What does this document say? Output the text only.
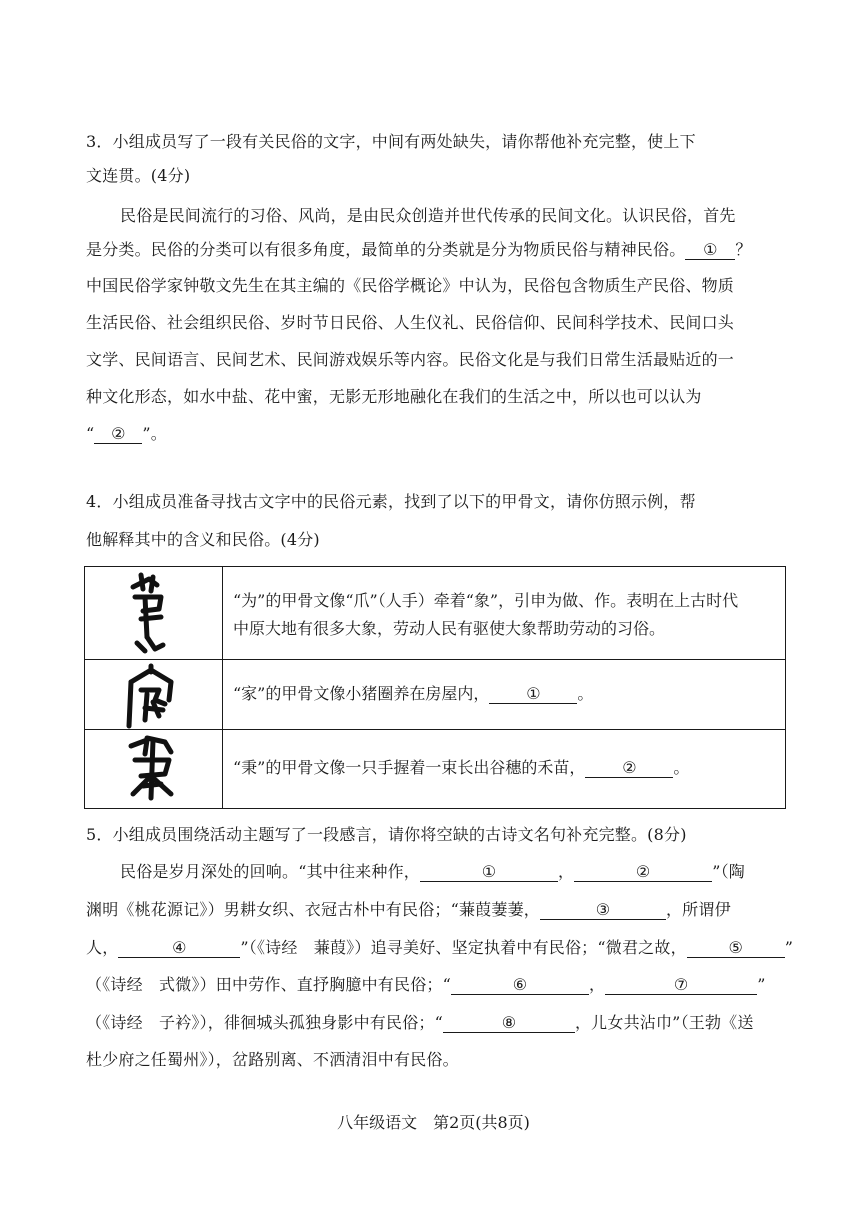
3．小组成员写了一段有关民俗的文字，中间有两处缺失，请你帮他补充完整，使上下
文连贯。(4分)
民俗是民间流行的习俗、风尚，是由民众创造并世代传承的民间文化。认识民俗，首先
是分类。民俗的分类可以有很多角度，最简单的分类就是分为物质民俗与精神民俗。 ① ？
中国民俗学家钟敬文先生在其主编的《民俗学概论》中认为，民俗包含物质生产民俗、物质
生活民俗、社会组织民俗、岁时节日民俗、人生仪礼、民俗信仰、民间科学技术、民间口头
文学、民间语言、民间艺术、民间游戏娱乐等内容。民俗文化是与我们日常生活最贴近的一
种文化形态，如水中盐、花中蜜，无影无形地融化在我们的生活之中，所以也可以认为
“ ② ”。
4．小组成员准备寻找古文字中的民俗元素，找到了以下的甲骨文，请你仿照示例，帮
他解释其中的含义和民俗。(4分)
“为”的甲骨文像“爪”（人手）牵着“象”，引申为做、作。表明在上古时代
中原大地有很多大象，劳动人民有驱使大象帮助劳动的习俗。
“家”的甲骨文像小猪圈养在房屋内， ① 。
“秉”的甲骨文像一只手握着一束长出谷穗的禾苗， ② 。
5．小组成员围绕活动主题写了一段感言，请你将空缺的古诗文名句补充完整。(8分)
民俗是岁月深处的回响。“其中往来种作，	①	，	②	”（陶
渊明《桃花源记》）男耕女织、衣冠古朴中有民俗；“蒹葭萋萋，	③	，所谓伊
人，	④	”（《诗经　蒹葭》）追寻美好、坚定执着中有民俗；“微君之故，	⑤	”
（《诗经　式微》）田中劳作、直抒胸臆中有民俗；“	⑥	，	⑦	”
（《诗经　子衿》），徘徊城头孤独身影中有民俗；“	⑧	，儿女共沾巾”（王勃《送
杜少府之任蜀州》），岔路别离、不洒清泪中有民俗。
八年级语文　第2页(共8页)
